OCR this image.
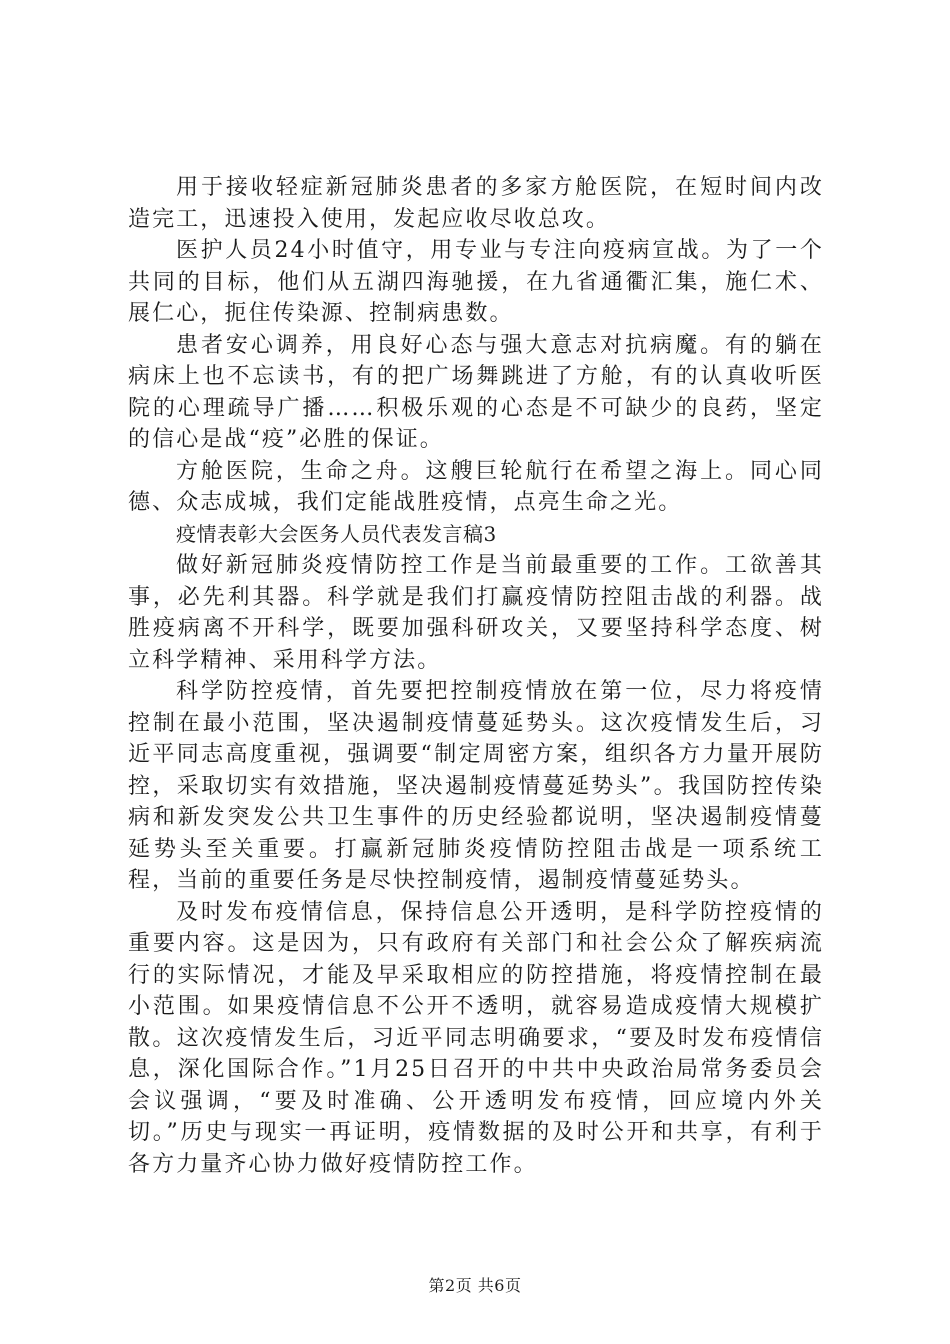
用于接收轻症新冠肺炎患者的多家方舱医院，在短时间内改造完工，迅速投入使用，发起应收尽收总攻。

医护人员24小时值守，用专业与专注向疫病宣战。为了一个共同的目标，他们从五湖四海驰援，在九省通衢汇集，施仁术、展仁心，扼住传染源、控制病患数。

患者安心调养，用良好心态与强大意志对抗病魔。有的躺在病床上也不忘读书，有的把广场舞跳进了方舱，有的认真收听医院的心理疏导广播……积极乐观的心态是不可缺少的良药，坚定的信心是战“疫”必胜的保证。

方舱医院，生命之舟。这艘巨轮航行在希望之海上。同心同德、众志成城，我们定能战胜疫情，点亮生命之光。

疫情表彰大会医务人员代表发言稿3

做好新冠肺炎疫情防控工作是当前最重要的工作。工欲善其事，必先利其器。科学就是我们打赢疫情防控阻击战的利器。战胜疫病离不开科学，既要加强科研攻关，又要坚持科学态度、树立科学精神、采用科学方法。

科学防控疫情，首先要把控制疫情放在第一位，尽力将疫情控制在最小范围，坚决遏制疫情蔓延势头。这次疫情发生后，习近平同志高度重视，强调要“制定周密方案，组织各方力量开展防控，采取切实有效措施，坚决遏制疫情蔓延势头”。我国防控传染病和新发突发公共卫生事件的历史经验都说明，坚决遏制疫情蔓延势头至关重要。打赢新冠肺炎疫情防控阻击战是一项系统工程，当前的重要任务是尽快控制疫情，遏制疫情蔓延势头。

及时发布疫情信息，保持信息公开透明，是科学防控疫情的重要内容。这是因为，只有政府有关部门和社会公众了解疾病流行的实际情况，才能及早采取相应的防控措施，将疫情控制在最小范围。如果疫情信息不公开不透明，就容易造成疫情大规模扩散。这次疫情发生后，习近平同志明确要求，“要及时发布疫情信息，深化国际合作。”1月25日召开的中共中央政治局常务委员会会议强调，“要及时准确、公开透明发布疫情，回应境内外关切。”历史与现实一再证明，疫情数据的及时公开和共享，有利于各方力量齐心协力做好疫情防控工作。

第2页 共6页
